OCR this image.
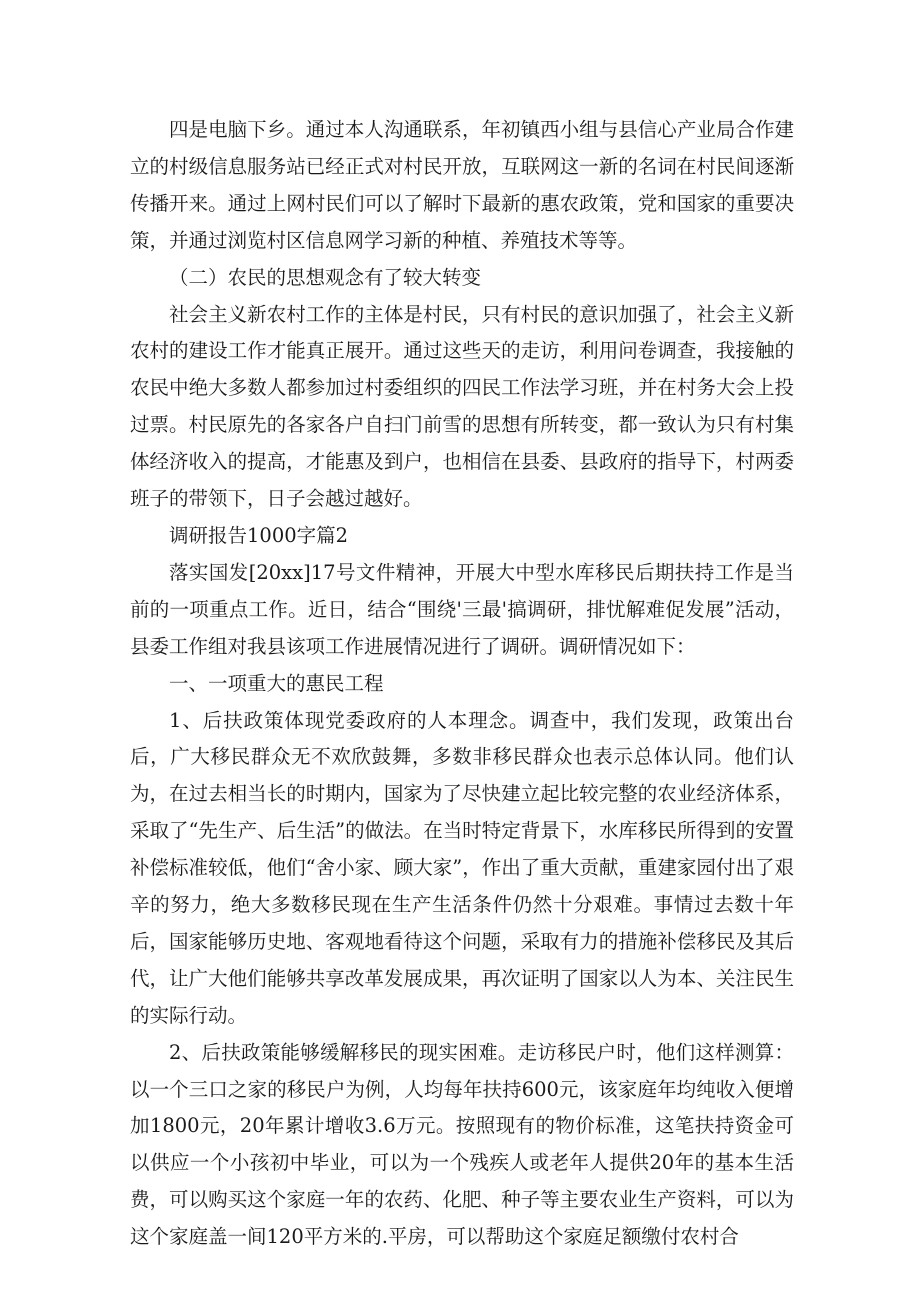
四是电脑下乡。通过本人沟通联系，年初镇西小组与县信心产业局合作建立的村级信息服务站已经正式对村民开放，互联网这一新的名词在村民间逐渐传播开来。通过上网村民们可以了解时下最新的惠农政策，党和国家的重要决策，并通过浏览村区信息网学习新的种植、养殖技术等等。

（二）农民的思想观念有了较大转变

社会主义新农村工作的主体是村民，只有村民的意识加强了，社会主义新农村的建设工作才能真正展开。通过这些天的走访，利用问卷调查，我接触的农民中绝大多数人都参加过村委组织的四民工作法学习班，并在村务大会上投过票。村民原先的各家各户自扫门前雪的思想有所转变，都一致认为只有村集体经济收入的提高，才能惠及到户，也相信在县委、县政府的指导下，村两委班子的带领下，日子会越过越好。

调研报告1000字篇2

落实国发[20xx]17号文件精神，开展大中型水库移民后期扶持工作是当前的一项重点工作。近日，结合“围绕'三最'搞调研，排忧解难促发展”活动，县委工作组对我县该项工作进展情况进行了调研。调研情况如下：

一、一项重大的惠民工程

1、后扶政策体现党委政府的人本理念。调查中，我们发现，政策出台后，广大移民群众无不欢欣鼓舞，多数非移民群众也表示总体认同。他们认为，在过去相当长的时期内，国家为了尽快建立起比较完整的农业经济体系，采取了“先生产、后生活”的做法。在当时特定背景下，水库移民所得到的安置补偿标准较低，他们“舍小家、顾大家”，作出了重大贡献，重建家园付出了艰辛的努力，绝大多数移民现在生产生活条件仍然十分艰难。事情过去数十年后，国家能够历史地、客观地看待这个问题，采取有力的措施补偿移民及其后代，让广大他们能够共享改革发展成果，再次证明了国家以人为本、关注民生的实际行动。

2、后扶政策能够缓解移民的现实困难。走访移民户时，他们这样测算：以一个三口之家的移民户为例，人均每年扶持600元，该家庭年均纯收入便增加1800元，20年累计增收3.6万元。按照现有的物价标准，这笔扶持资金可以供应一个小孩初中毕业，可以为一个残疾人或老年人提供20年的基本生活费，可以购买这个家庭一年的农药、化肥、种子等主要农业生产资料，可以为这个家庭盖一间120平方米的.平房，可以帮助这个家庭足额缴付农村合
